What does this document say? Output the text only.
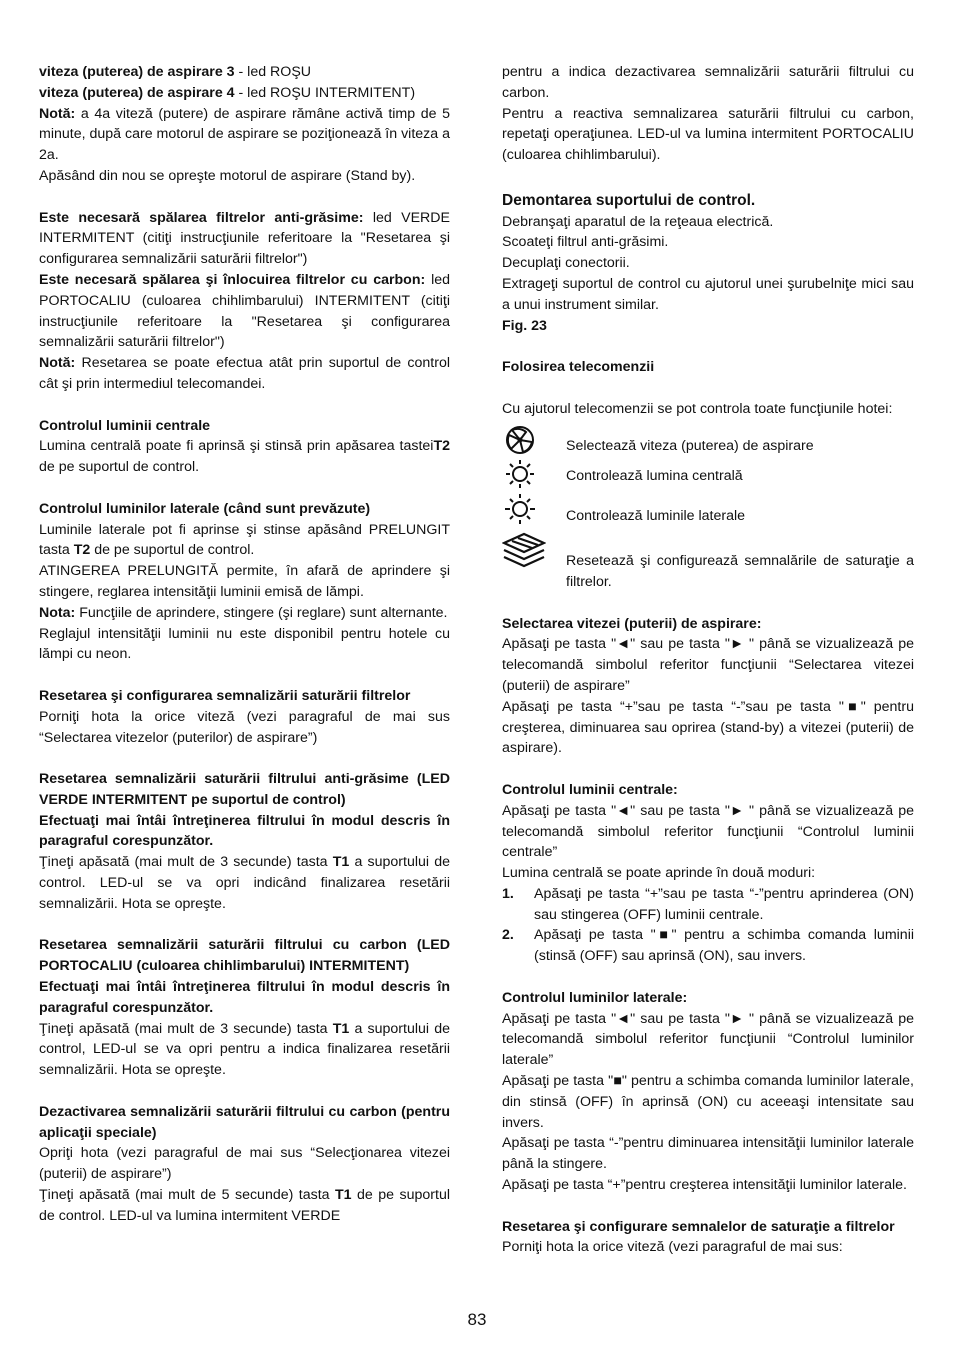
viteza (puterea) de aspirare 3 - led ROŞU

viteza (puterea) de aspirare 4 - led ROŞU INTERMITENT)

Notă: a 4a viteză (putere) de aspirare rămâne activă timp de 5 minute, după care motorul de aspirare se poziţionează în viteza a 2a.

Apăsând din nou se opreşte motorul de aspirare (Stand by).

Este necesară spălarea filtrelor anti-grăsime: led VERDE INTERMITENT (citiţi instrucţiunile referitoare la "Resetarea şi configurarea semnalizării saturării filtrelor")

Este necesară spălarea şi înlocuirea filtrelor cu carbon: led PORTOCALIU (culoarea chihlimbarului) INTERMITENT (citiţi instrucţiunile referitoare la "Resetarea şi configurarea semnalizării saturării filtrelor")

Notă: Resetarea se poate efectua atât prin suportul de control cât şi prin intermediul telecomandei.

Controlul luminii centrale

Lumina centrală poate fi aprinsă şi stinsă prin apăsarea tasteiT2 de pe suportul de control.

Controlul luminilor laterale (când sunt prevăzute)

Luminile laterale pot fi aprinse şi stinse apăsând PRELUNGIT tasta T2 de pe suportul de control.

ATINGEREA PRELUNGITĂ permite, în afară de aprindere şi stingere, reglarea intensităţii luminii emisă de lămpi.

Nota: Funcţiile de aprindere, stingere (şi reglare) sunt alternante.

Reglajul intensităţii luminii nu este disponibil pentru hotele cu lămpi cu neon.

Resetarea şi configurarea semnalizării saturării filtrelor

Porniţi hota la orice viteză (vezi paragraful de mai sus “Selectarea vitezelor (puterilor) de aspirare”)

Resetarea semnalizării saturării filtrului anti-grăsime (LED VERDE INTERMITENT pe suportul de control)

Efectuaţi mai întâi întreţinerea filtrului în modul descris în paragraful corespunzător.

Ţineţi apăsată (mai mult de 3 secunde) tasta T1 a suportului de control. LED-ul se va opri indicând finalizarea resetării semnalizării. Hota se opreşte.

Resetarea semnalizării saturării filtrului cu carbon (LED PORTOCALIU (culoarea chihlimbarului) INTERMITENT)

Efectuaţi mai întâi întreţinerea filtrului în modul descris în paragraful corespunzător.

Ţineţi apăsată (mai mult de 3 secunde) tasta T1 a suportului de control, LED-ul se va opri pentru a indica finalizarea resetării semnalizării. Hota se opreşte.

Dezactivarea semnalizării saturării filtrului cu carbon (pentru aplicaţii speciale)

Opriţi hota (vezi paragraful de mai sus “Selecţionarea vitezei (puterii) de aspirare”)

Ţineţi apăsată (mai mult de 5 secunde) tasta T1 de pe suportul de control. LED-ul va lumina intermitent VERDE

pentru a indica dezactivarea semnalizării saturării filtrului cu carbon.

Pentru a reactiva semnalizarea saturării filtrului cu carbon, repetaţi operaţiunea. LED-ul va lumina intermitent PORTOCALIU (culoarea chihlimbarului).

Demontarea suportului de control.

Debranşaţi aparatul de la reţeaua electrică.

Scoateţi filtrul anti-grăsimi.

Decuplaţi conectorii.

Extrageţi suportul de control cu ajutorul unei şurubelniţe mici sau a unui instrument similar.

Fig. 23

Folosirea telecomenzii

Cu ajutorul telecomenzii se pot controla toate funcţiunile hotei:

Selectează viteza (puterea) de aspirare
Controlează lumina centrală
Controlează luminile laterale
Resetează şi configurează semnalările de saturaţie a filtrelor.

Selectarea vitezei (puterii) de aspirare:

Apăsaţi pe tasta "◄" sau pe tasta "► " până se vizualizează pe telecomandă simbolul referitor funcţiunii “Selectarea vitezei (puterii) de aspirare”

Apăsaţi pe tasta “+”sau pe tasta “-”sau pe tasta "■" pentru creşterea, diminuarea sau oprirea (stand-by) a vitezei (puterii) de aspirare).

Controlul luminii centrale:

Apăsaţi pe tasta "◄" sau pe tasta "► " până se vizualizează pe telecomandă simbolul referitor funcţiunii “Controlul luminii centrale”

Lumina centrală se poate aprinde în două moduri:

1.	Apăsaţi pe tasta “+”sau pe tasta “-”pentru aprinderea (ON) sau stingerea (OFF) luminii centrale.
2.	Apăsaţi pe tasta "■" pentru a schimba comanda luminii (stinsă (OFF) sau aprinsă (ON), sau invers.

Controlul luminilor laterale:

Apăsaţi pe tasta "◄" sau pe tasta "► " până se vizualizează pe telecomandă simbolul referitor funcţiunii “Controlul luminilor laterale”

Apăsaţi pe tasta "■" pentru a schimba comanda luminilor laterale, din stinsă (OFF) în aprinsă (ON) cu aceeaşi intensitate sau invers.

Apăsaţi pe tasta “-”pentru diminuarea intensităţii luminilor laterale până la stingere.

Apăsaţi pe tasta “+”pentru creşterea intensităţii luminilor laterale.

Resetarea şi configurare semnalelor de saturaţie a filtrelor

Porniţi hota la orice viteză (vezi paragraful de mai sus:

83
